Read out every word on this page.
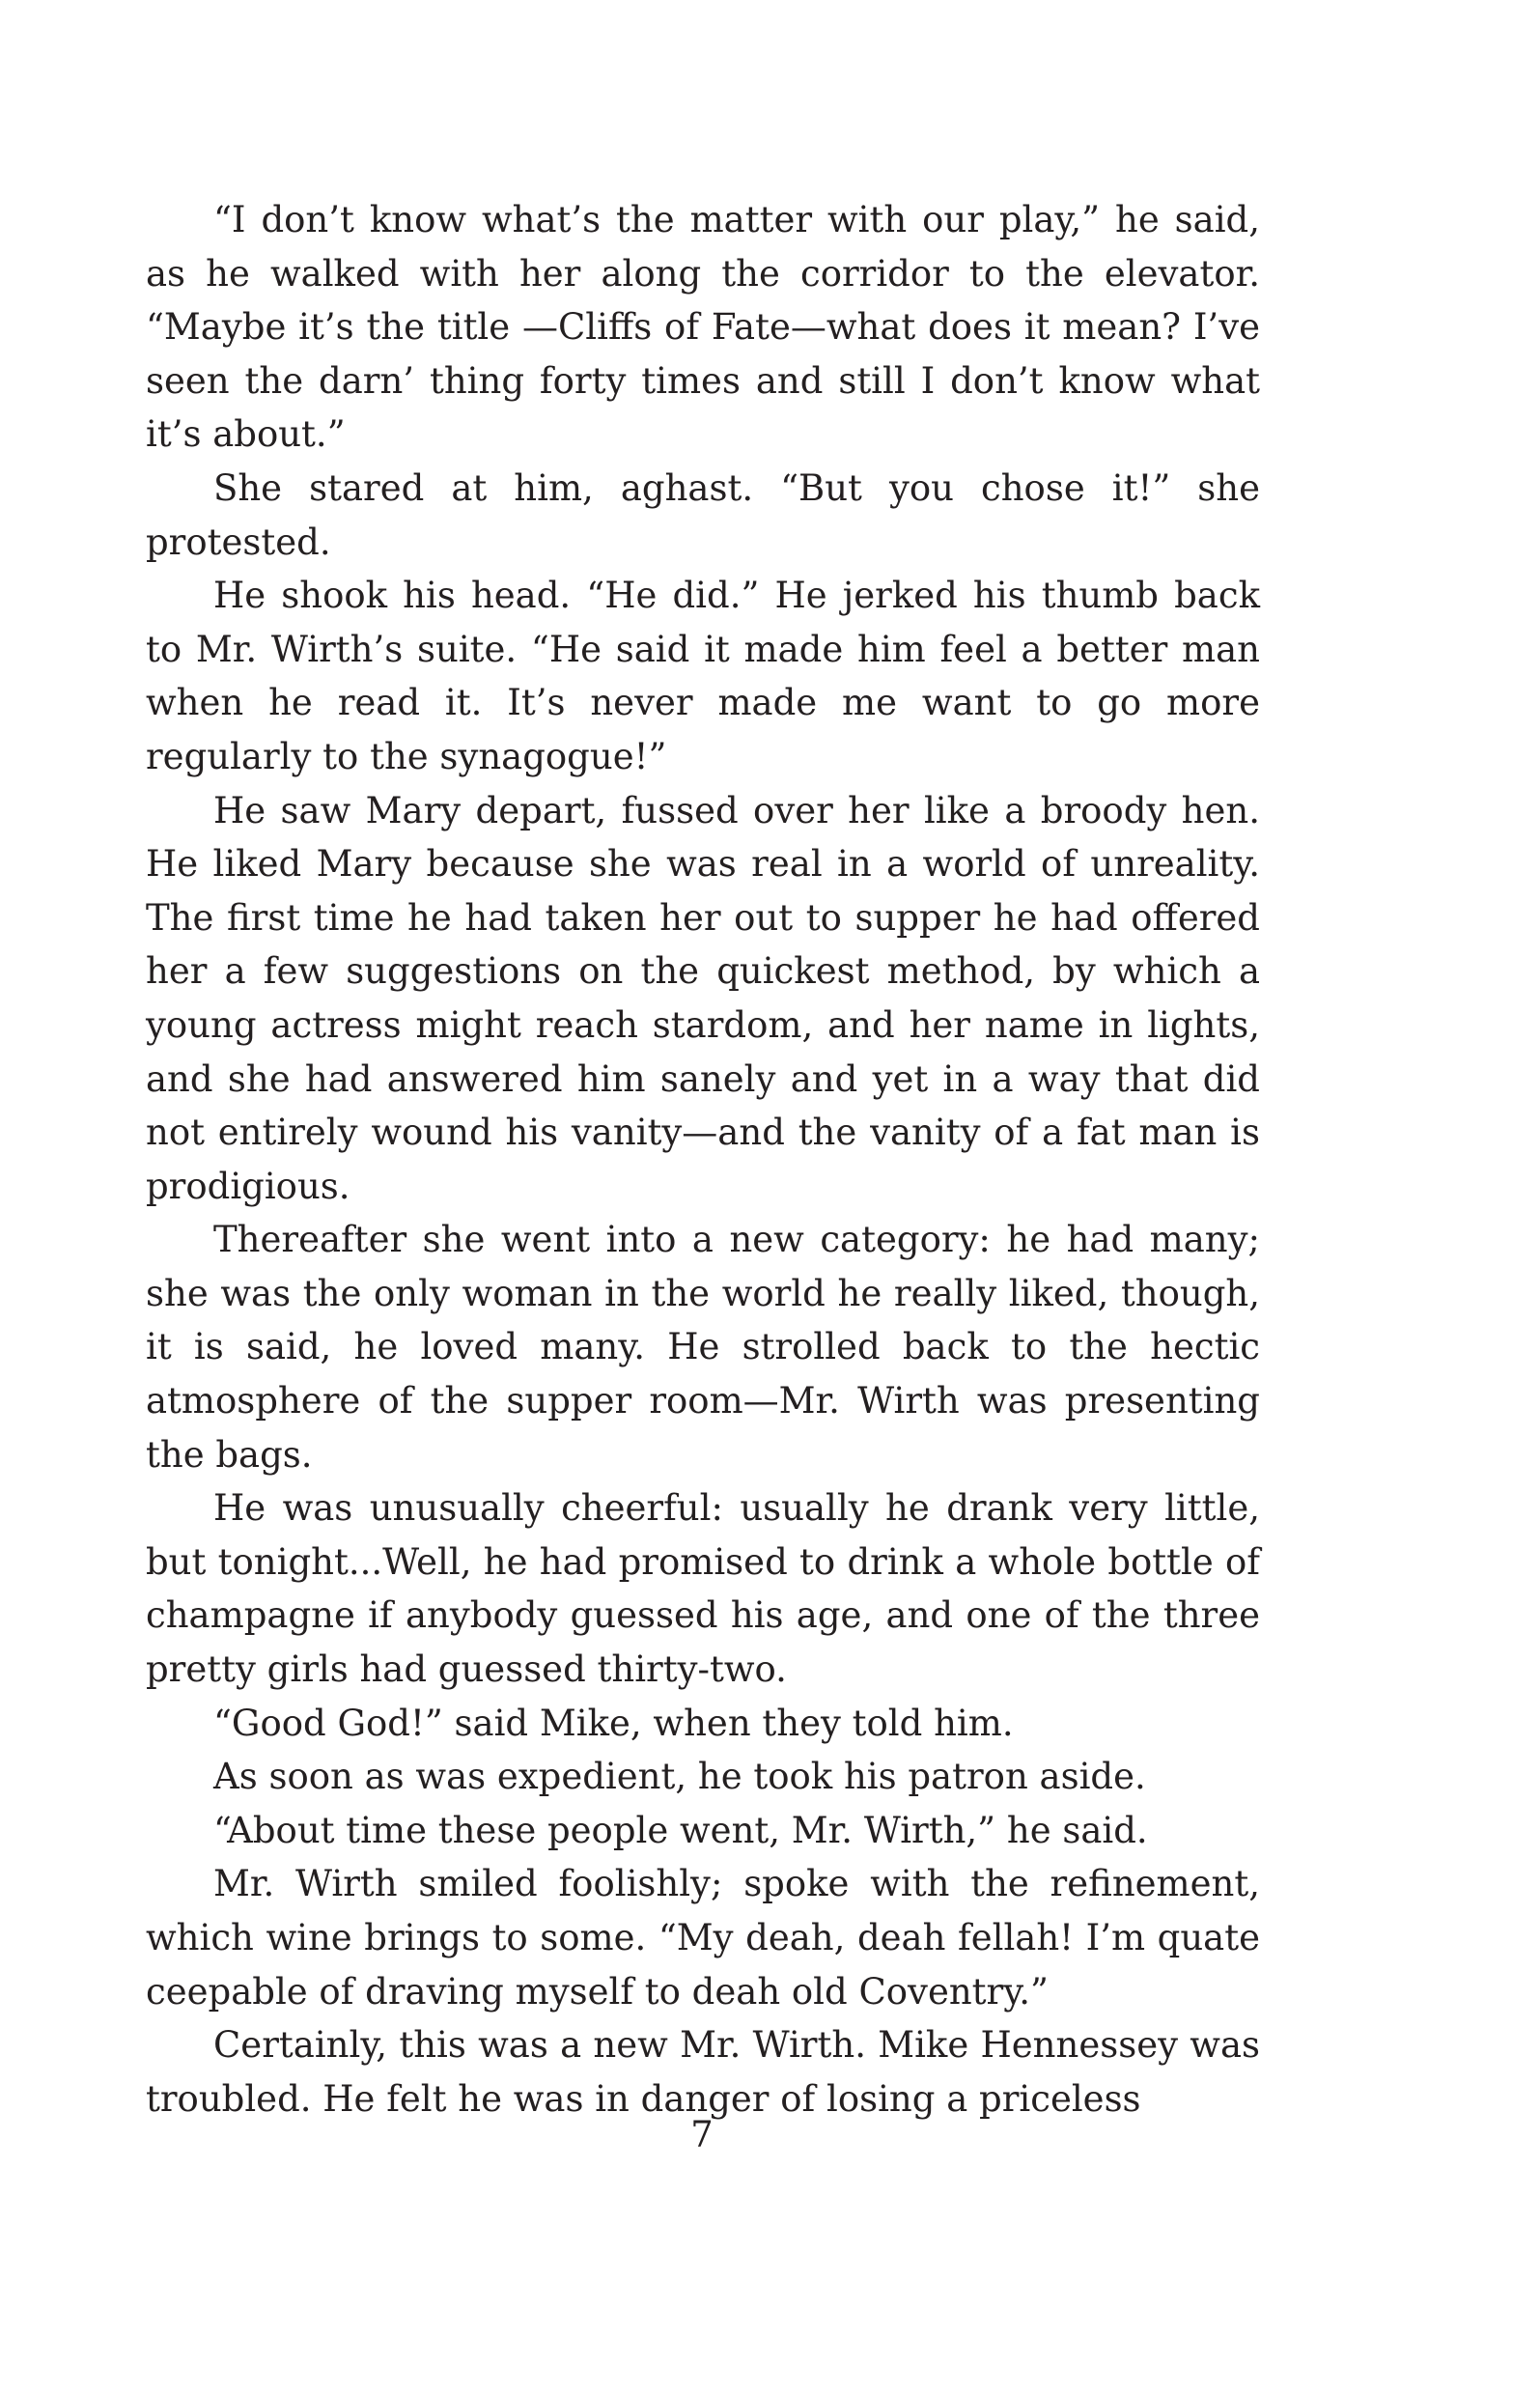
“I don’t know what’s the matter with our play,” he said, as he walked with her along the corridor to the elevator. “Maybe it’s the title —Cliffs of Fate—what does it mean? I’ve seen the darn’ thing forty times and still I don’t know what it’s about.”

She stared at him, aghast. “But you chose it!” she protested.

He shook his head. “He did.” He jerked his thumb back to Mr. Wirth’s suite. “He said it made him feel a better man when he read it. It’s never made me want to go more regularly to the synagogue!”

He saw Mary depart, fussed over her like a broody hen. He liked Mary because she was real in a world of unreality. The first time he had taken her out to supper he had offered her a few suggestions on the quickest method, by which a young actress might reach stardom, and her name in lights, and she had answered him sanely and yet in a way that did not entirely wound his vanity—and the vanity of a fat man is prodigious.

Thereafter she went into a new category: he had many; she was the only woman in the world he really liked, though, it is said, he loved many. He strolled back to the hectic atmosphere of the supper room—Mr. Wirth was presenting the bags.

He was unusually cheerful: usually he drank very little, but tonight...Well, he had promised to drink a whole bottle of champagne if anybody guessed his age, and one of the three pretty girls had guessed thirty-two.

“Good God!” said Mike, when they told him.

As soon as was expedient, he took his patron aside.

“About time these people went, Mr. Wirth,” he said.

Mr. Wirth smiled foolishly; spoke with the refinement, which wine brings to some. “My deah, deah fellah! I’m quate ceepable of draving myself to deah old Coventry.”

Certainly, this was a new Mr. Wirth. Mike Hennessey was troubled. He felt he was in danger of losing a priceless

7
